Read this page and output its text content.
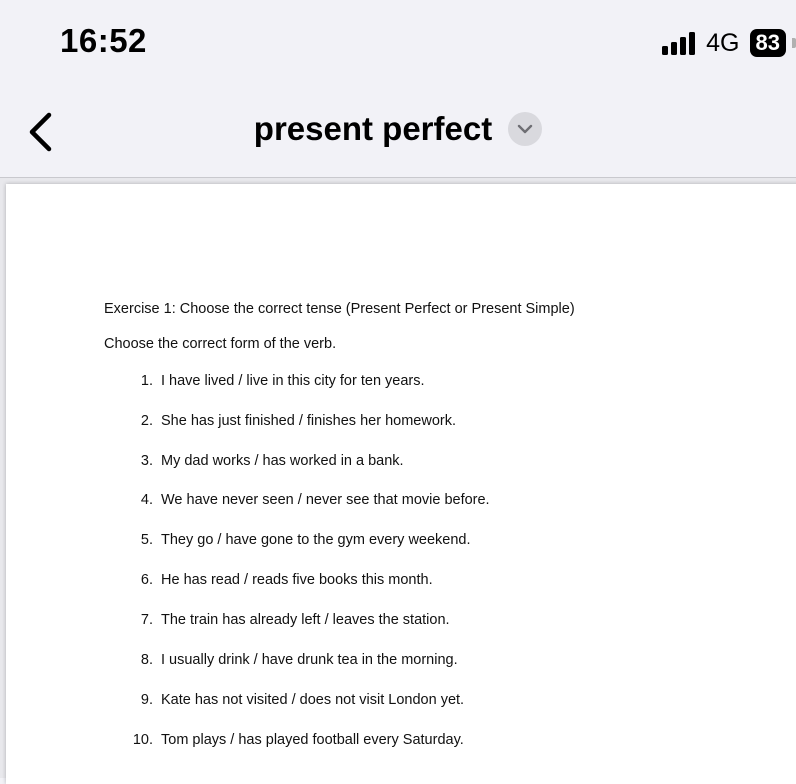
16:52	4G 83
present perfect
Exercise 1: Choose the correct tense (Present Perfect or Present Simple)
Choose the correct form of the verb.
1. I have lived / live in this city for ten years.
2. She has just finished / finishes her homework.
3. My dad works / has worked in a bank.
4. We have never seen / never see that movie before.
5. They go / have gone to the gym every weekend.
6. He has read / reads five books this month.
7. The train has already left / leaves the station.
8. I usually drink / have drunk tea in the morning.
9. Kate has not visited / does not visit London yet.
10. Tom plays / has played football every Saturday.
